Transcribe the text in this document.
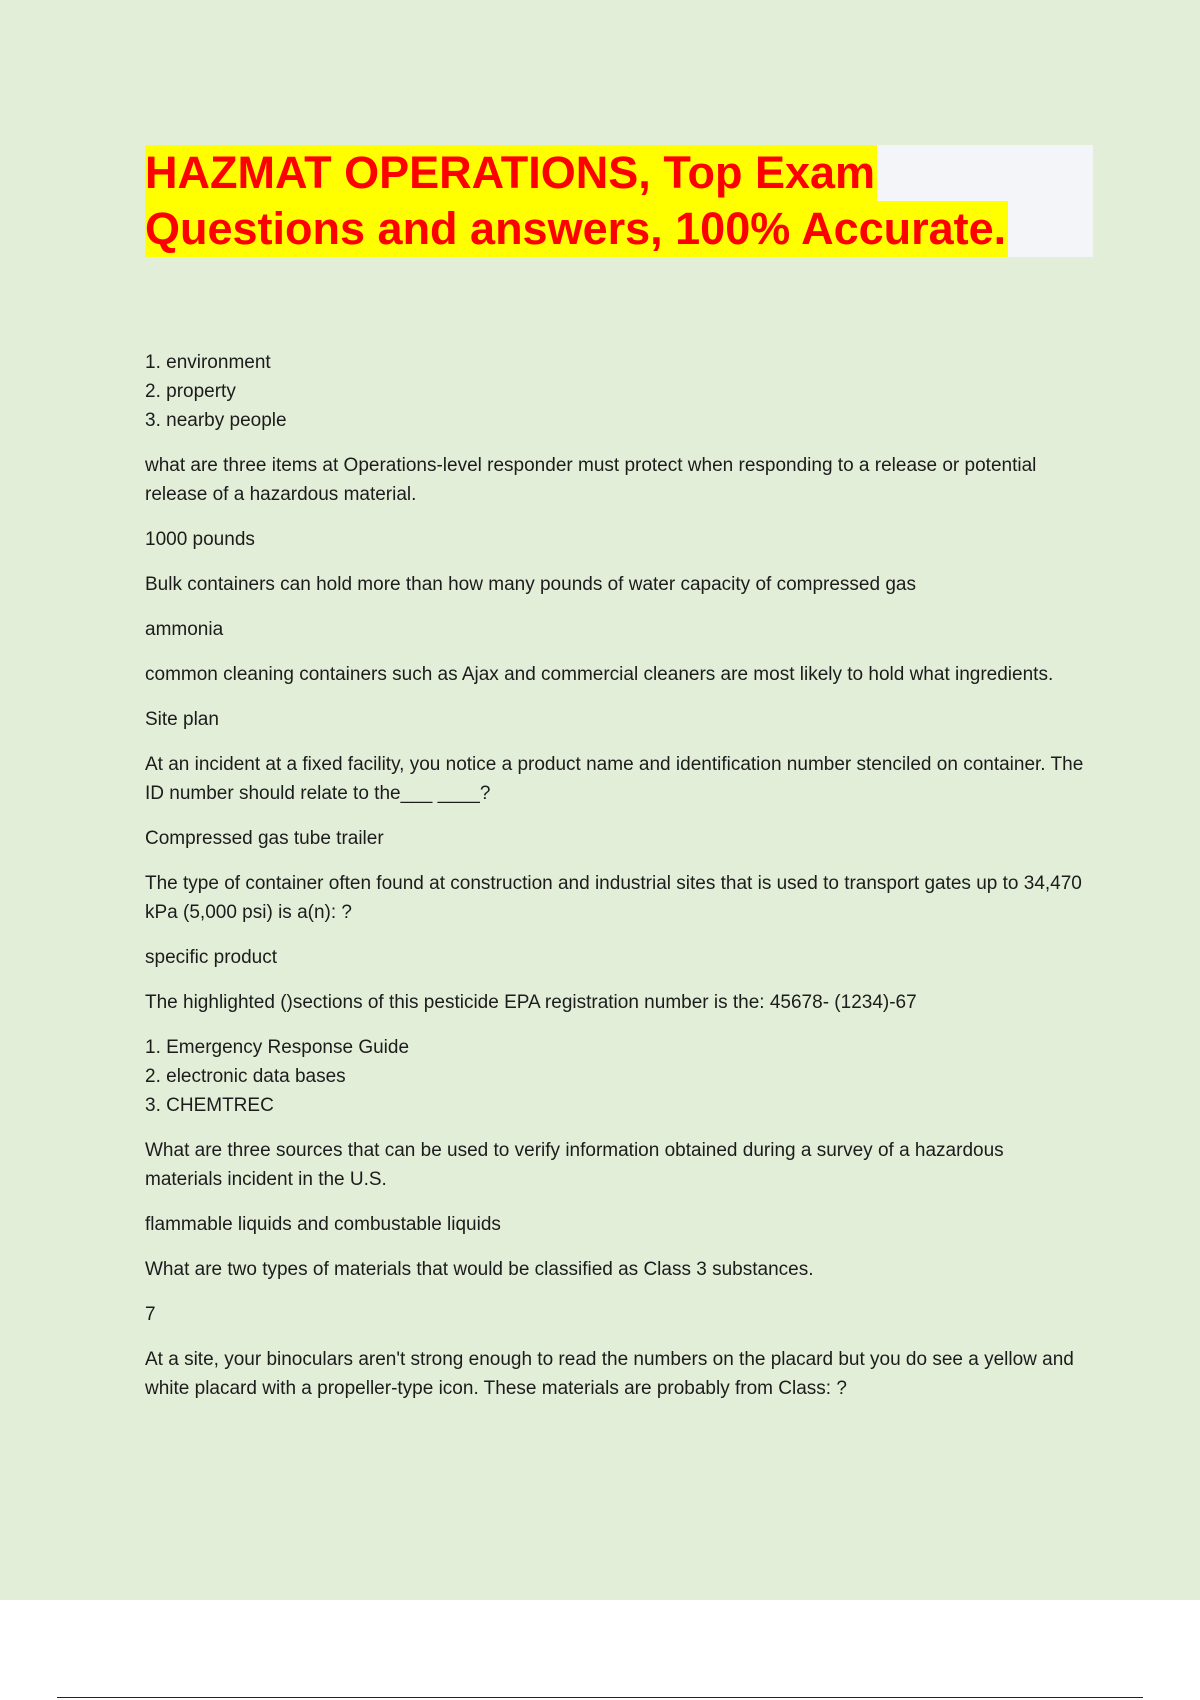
HAZMAT OPERATIONS, Top Exam
Questions and answers, 100% Accurate.
1. environment
2. property
3. nearby people
what are three items at Operations-level responder must protect when responding to a release or potential release of a hazardous material.
1000 pounds
Bulk containers can hold more than how many pounds of water capacity of compressed gas
ammonia
common cleaning containers such as Ajax and commercial cleaners are most likely to hold what ingredients.
Site plan
At an incident at a fixed facility, you notice a product name and identification number stenciled on container. The ID number should relate to the___ ____?
Compressed gas tube trailer
The type of container often found at construction and industrial sites that is used to transport gates up to 34,470 kPa (5,000 psi) is a(n): ?
specific product
The highlighted ()sections of this pesticide EPA registration number is the: 45678- (1234)-67
1. Emergency Response Guide
2. electronic data bases
3. CHEMTREC
What are three sources that can be used to verify information obtained during a survey of a hazardous materials incident in the U.S.
flammable liquids and combustable liquids
What are two types of materials that would be classified as Class 3 substances.
7
At a site, your binoculars aren't strong enough to read the numbers on the placard but you do see a yellow and white placard with a propeller-type icon. These materials are probably from Class: ?
